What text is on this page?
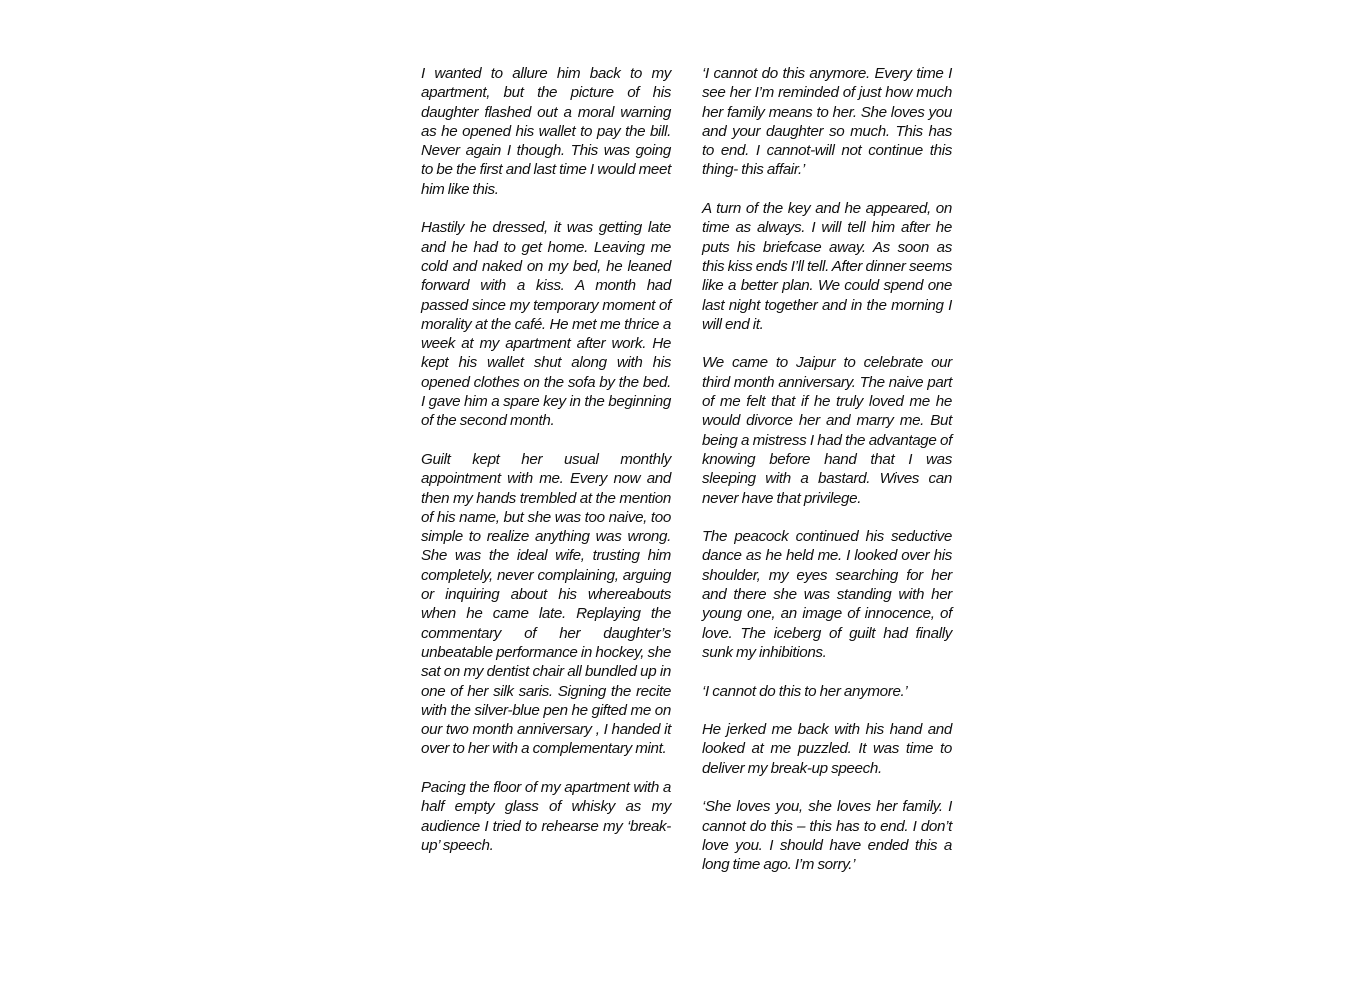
I wanted to allure him back to my apartment, but the picture of his daughter flashed out a moral warning as he opened his wallet to pay the bill. Never again I though. This was going to be the first and last time I would meet him like this.

Hastily he dressed, it was getting late and he had to get home. Leaving me cold and naked on my bed, he leaned forward with a kiss. A month had passed since my temporary moment of morality at the café. He met me thrice a week at my apartment after work. He kept his wallet shut along with his opened clothes on the sofa by the bed. I gave him a spare key in the beginning of the second month.

Guilt kept her usual monthly appointment with me. Every now and then my hands trembled at the mention of his name, but she was too naive, too simple to realize anything was wrong. She was the ideal wife, trusting him completely, never complaining, arguing or inquiring about his whereabouts when he came late. Replaying the commentary of her daughter’s unbeatable performance in hockey, she sat on my dentist chair all bundled up in one of her silk saris. Signing the recite with the silver-blue pen he gifted me on our two month anniversary , I handed it over to her with a complementary mint.

Pacing the floor of my apartment with a half empty glass of whisky as my audience I tried to rehearse my ‘break-up’ speech.

‘I cannot do this anymore. Every time I see her I’m reminded of just how much her family means to her. She loves you and your daughter so much. This has to end. I cannot-will not continue this thing- this affair.’

A turn of the key and he appeared, on time as always. I will tell him after he puts his briefcase away. As soon as this kiss ends I’ll tell. After dinner seems like a better plan. We could spend one last night together and in the morning I will end it.

We came to Jaipur to celebrate our third month anniversary. The naive part of me felt that if he truly loved me he would divorce her and marry me. But being a mistress I had the advantage of knowing before hand that I was sleeping with a bastard. Wives can never have that privilege.

The peacock continued his seductive dance as he held me. I looked over his shoulder, my eyes searching for her and there she was standing with her young one, an image of innocence, of love. The iceberg of guilt had finally sunk my inhibitions.

‘I cannot do this to her anymore.’

He jerked me back with his hand and looked at me puzzled. It was time to deliver my break-up speech.

‘She loves you, she loves her family. I cannot do this – this has to end. I don’t love you. I should have ended this a long time ago. I’m sorry.’
